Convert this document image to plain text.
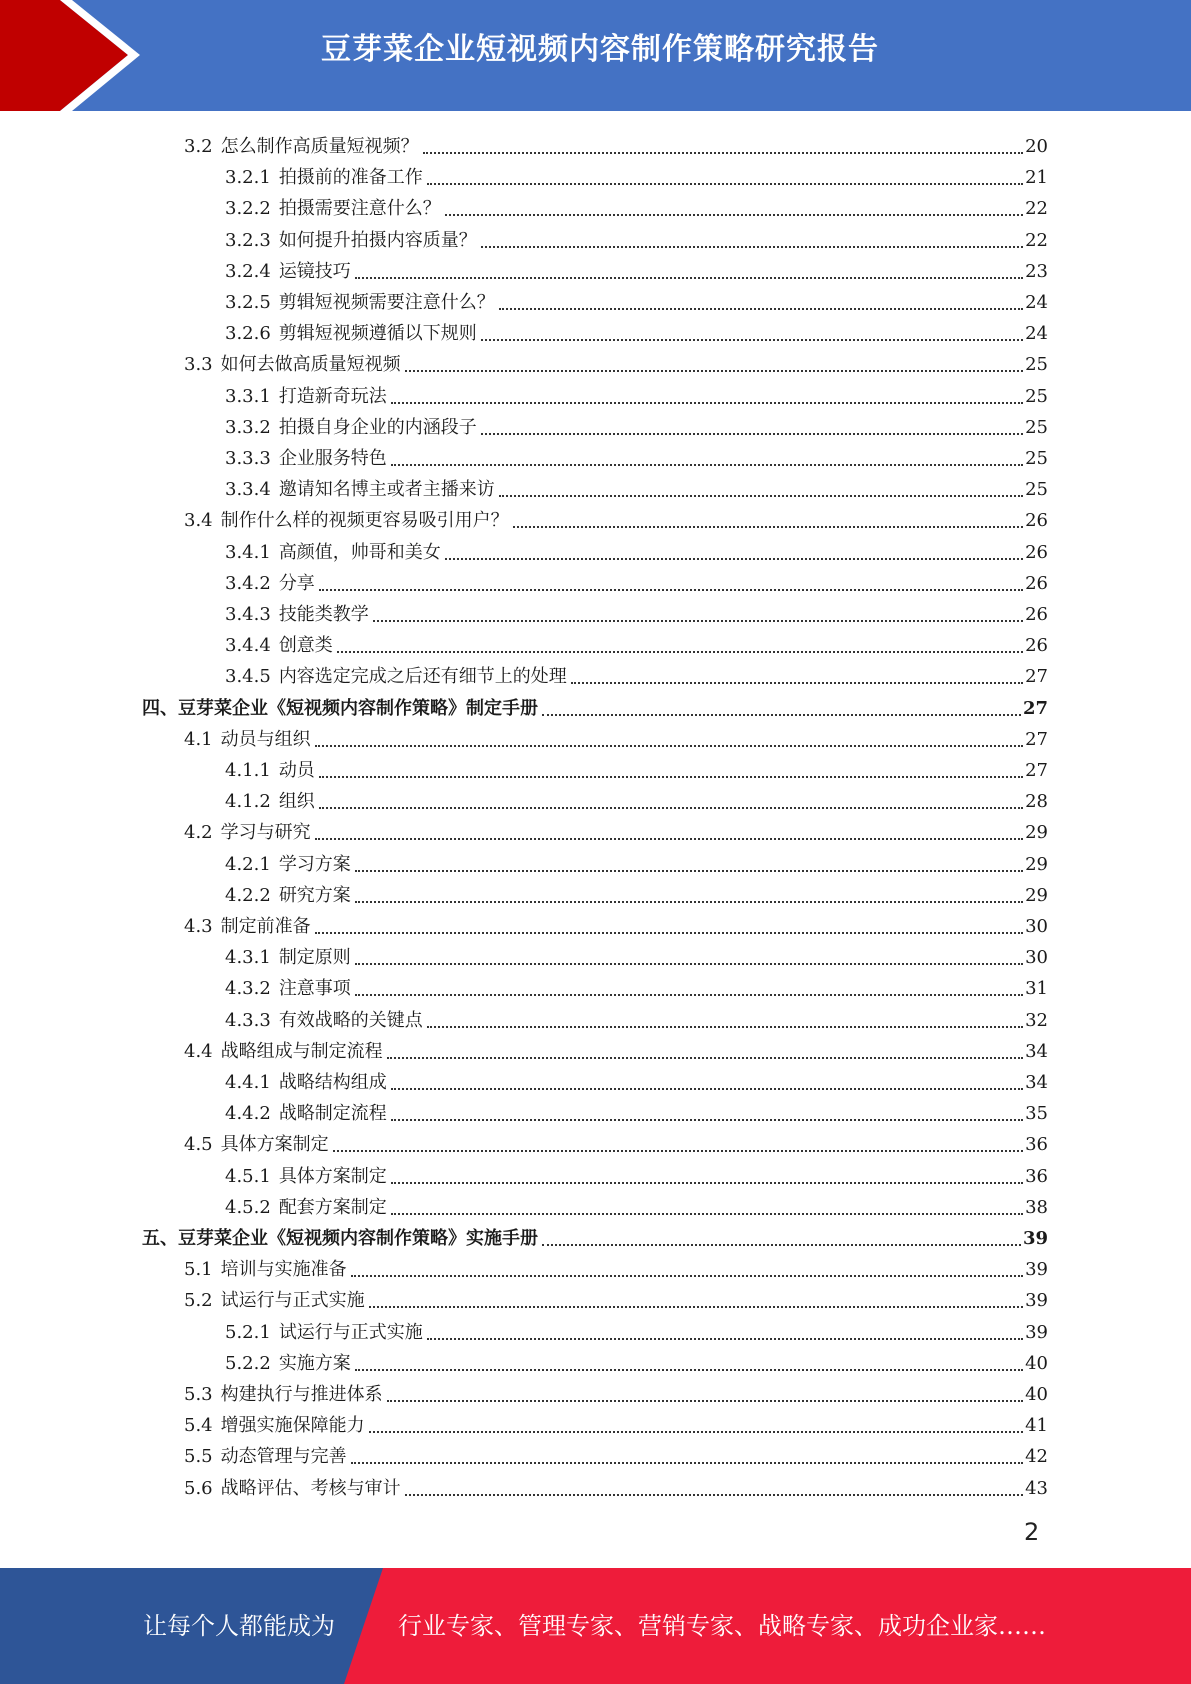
豆芽菜企业短视频内容制作策略研究报告
3.2 怎么制作高质量短视频？	20
3.2.1 拍摄前的准备工作	21
3.2.2 拍摄需要注意什么？	22
3.2.3 如何提升拍摄内容质量？	22
3.2.4 运镜技巧	23
3.2.5 剪辑短视频需要注意什么？	24
3.2.6 剪辑短视频遵循以下规则	24
3.3 如何去做高质量短视频	25
3.3.1 打造新奇玩法	25
3.3.2 拍摄自身企业的内涵段子	25
3.3.3 企业服务特色	25
3.3.4 邀请知名博主或者主播来访	25
3.4 制作什么样的视频更容易吸引用户？	26
3.4.1 高颜值，帅哥和美女	26
3.4.2 分享	26
3.4.3 技能类教学	26
3.4.4 创意类	26
3.4.5 内容选定完成之后还有细节上的处理	27
四、豆芽菜企业《短视频内容制作策略》制定手册	27
4.1 动员与组织	27
4.1.1 动员	27
4.1.2 组织	28
4.2 学习与研究	29
4.2.1 学习方案	29
4.2.2 研究方案	29
4.3 制定前准备	30
4.3.1 制定原则	30
4.3.2 注意事项	31
4.3.3 有效战略的关键点	32
4.4 战略组成与制定流程	34
4.4.1 战略结构组成	34
4.4.2 战略制定流程	35
4.5 具体方案制定	36
4.5.1 具体方案制定	36
4.5.2 配套方案制定	38
五、豆芽菜企业《短视频内容制作策略》实施手册	39
5.1 培训与实施准备	39
5.2 试运行与正式实施	39
5.2.1 试运行与正式实施	39
5.2.2 实施方案	40
5.3 构建执行与推进体系	40
5.4 增强实施保障能力	41
5.5 动态管理与完善	42
5.6 战略评估、考核与审计	43
2
让每个人都能成为	行业专家、管理专家、营销专家、战略专家、成功企业家……
